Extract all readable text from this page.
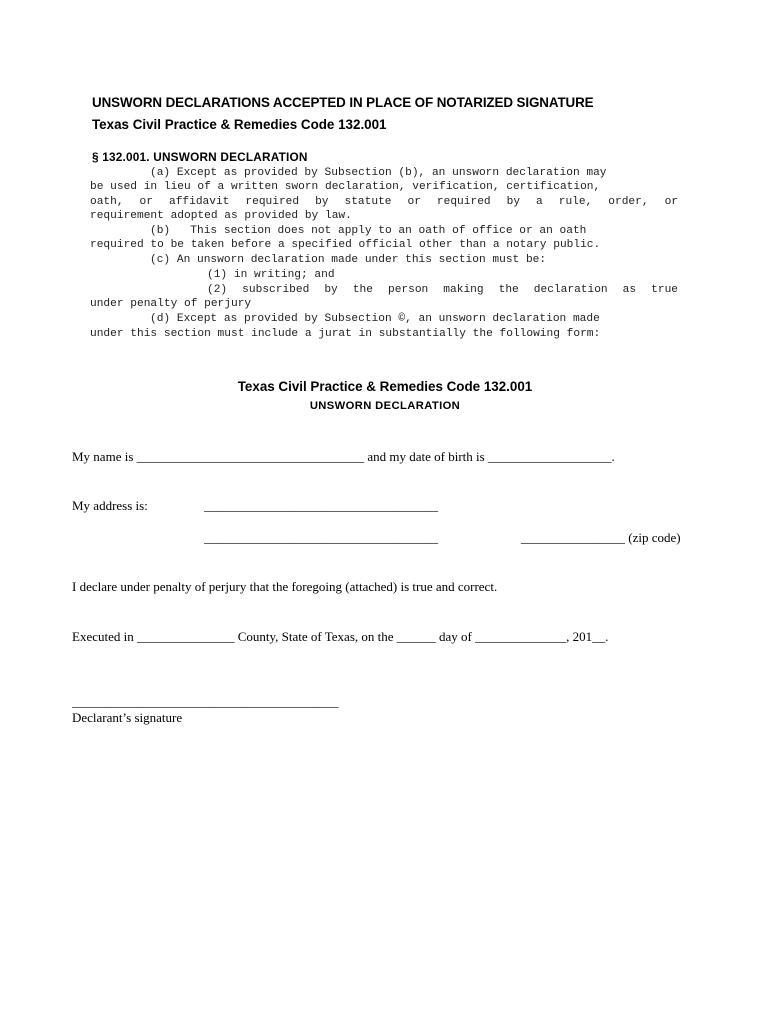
UNSWORN DECLARATIONS ACCEPTED IN PLACE OF NOTARIZED SIGNATURE
Texas Civil Practice & Remedies Code 132.001
§ 132.001. UNSWORN DECLARATION
(a) Except as provided by Subsection (b), an unsworn declaration may
be used in lieu of a written sworn declaration, verification, certification,
oath, or affidavit required by statute or required by a rule, order, or
requirement adopted as provided by law.
(b)   This section does not apply to an oath of office or an oath
required to be taken before a specified official other than a notary public.
(c) An unsworn declaration made under this section must be:
(1) in writing; and
(2) subscribed by the person making the declaration as true
under penalty of perjury
(d) Except as provided by Subsection ©, an unsworn declaration made
under this section must include a jurat in substantially the following form:
Texas Civil Practice & Remedies Code 132.001
UNSWORN DECLARATION
My name is ___________________________________ and my date of birth is ___________________.
My address is:	____________________________________
____________________________________	________________ (zip code)
I declare under penalty of perjury that the foregoing (attached) is true and correct.
Executed in _______________ County, State of Texas, on the ______ day of ______________, 201__.
_________________________________________
Declarant’s signature
